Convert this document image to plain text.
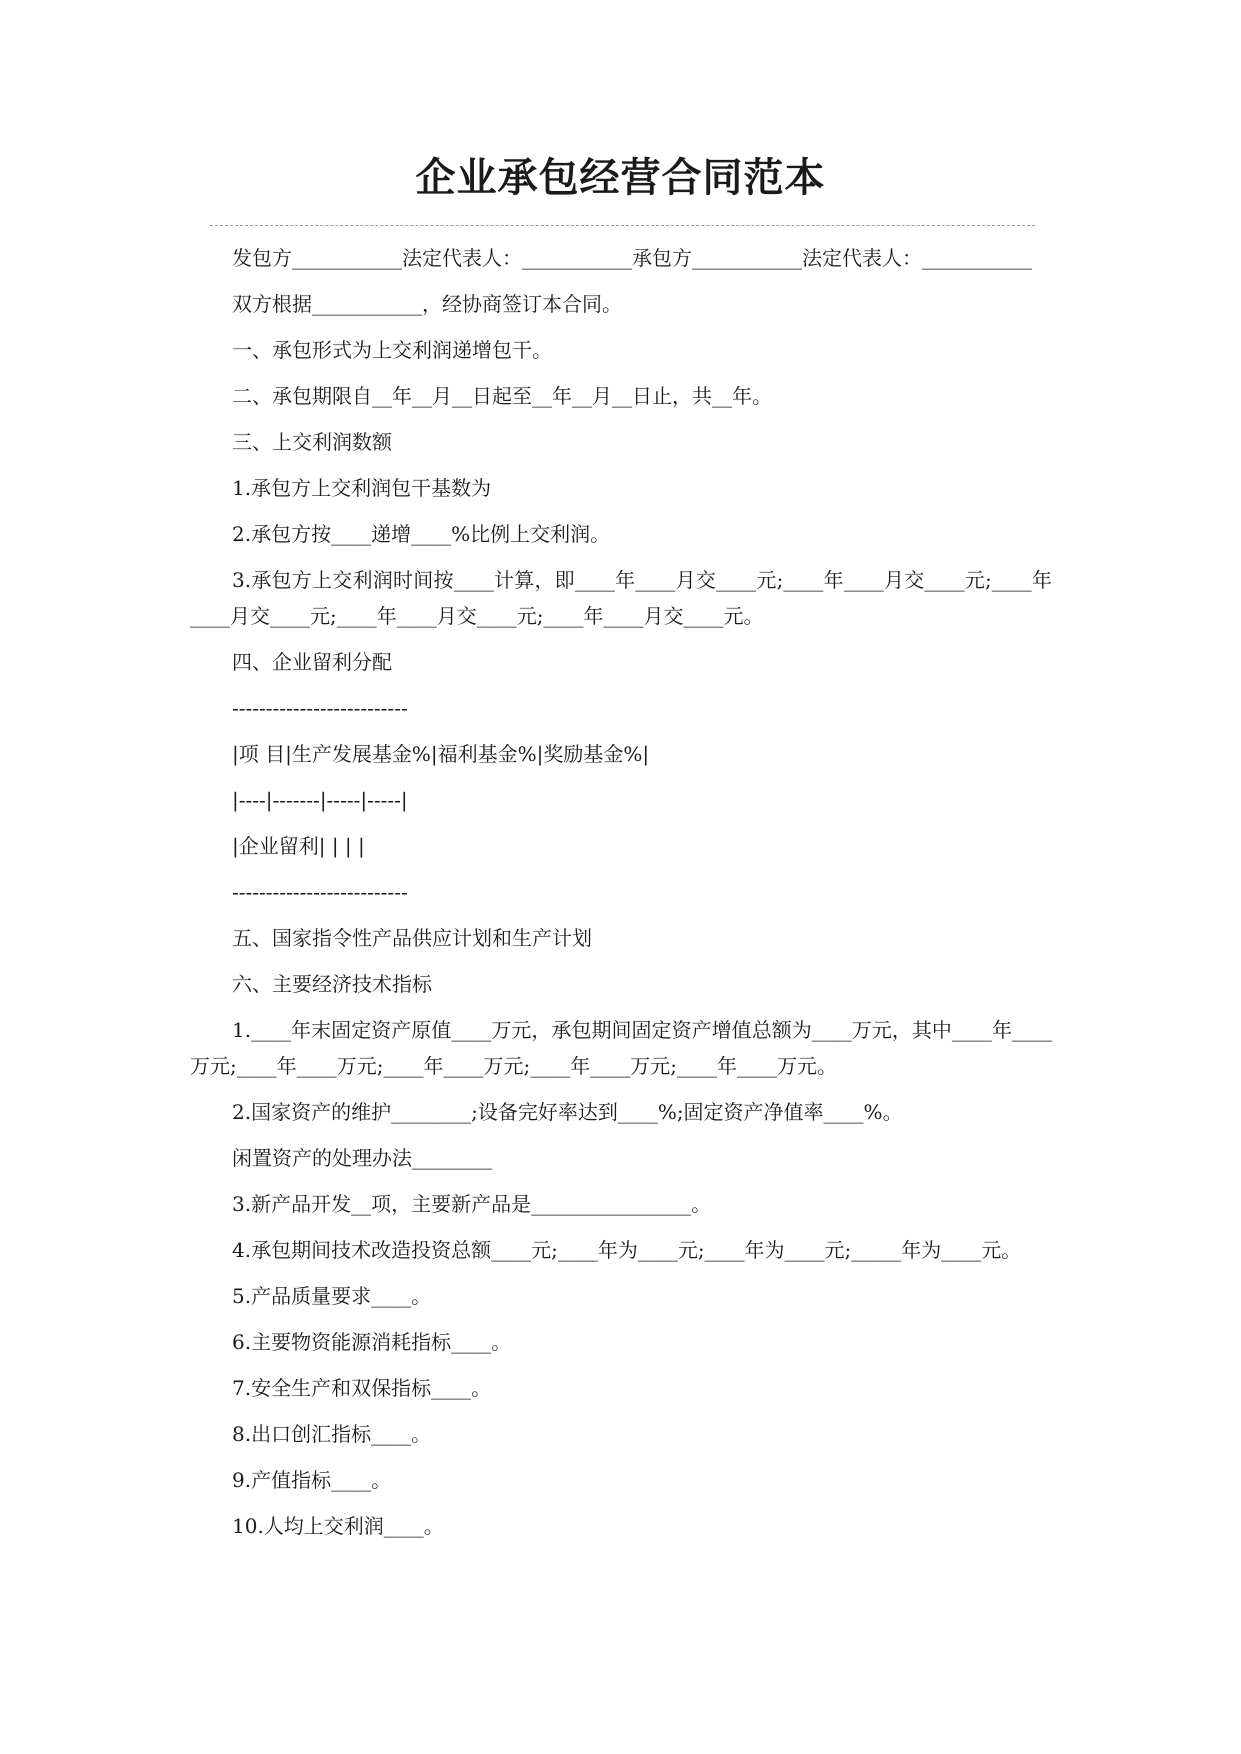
企业承包经营合同范本

发包方___________法定代表人：___________承包方___________法定代表人：___________

双方根据___________，经协商签订本合同。

一、承包形式为上交利润递增包干。

二、承包期限自__年__月__日起至__年__月__日止，共__年。

三、上交利润数额

1.承包方上交利润包干基数为

2.承包方按____递增____%比例上交利润。

3.承包方上交利润时间按____计算，即____年____月交____元;____年____月交____元;____年____月交____元;____年____月交____元;____年____月交____元。

四、企业留利分配

--------------------------

|项 目|生产发展基金%|福利基金%|奖励基金%|

|----|-------|-----|-----|

|企业留利| | | |

--------------------------

五、国家指令性产品供应计划和生产计划

六、主要经济技术指标

1.____年末固定资产原值____万元，承包期间固定资产增值总额为____万元，其中____年____万元;____年____万元;____年____万元;____年____万元;____年____万元。

2.国家资产的维护________;设备完好率达到____%;固定资产净值率____%。

闲置资产的处理办法________

3.新产品开发__项，主要新产品是________________。

4.承包期间技术改造投资总额____元;____年为____元;____年为____元;_____年为____元。

5.产品质量要求____。

6.主要物资能源消耗指标____。

7.安全生产和双保指标____。

8.出口创汇指标____。

9.产值指标____。

10.人均上交利润____。
